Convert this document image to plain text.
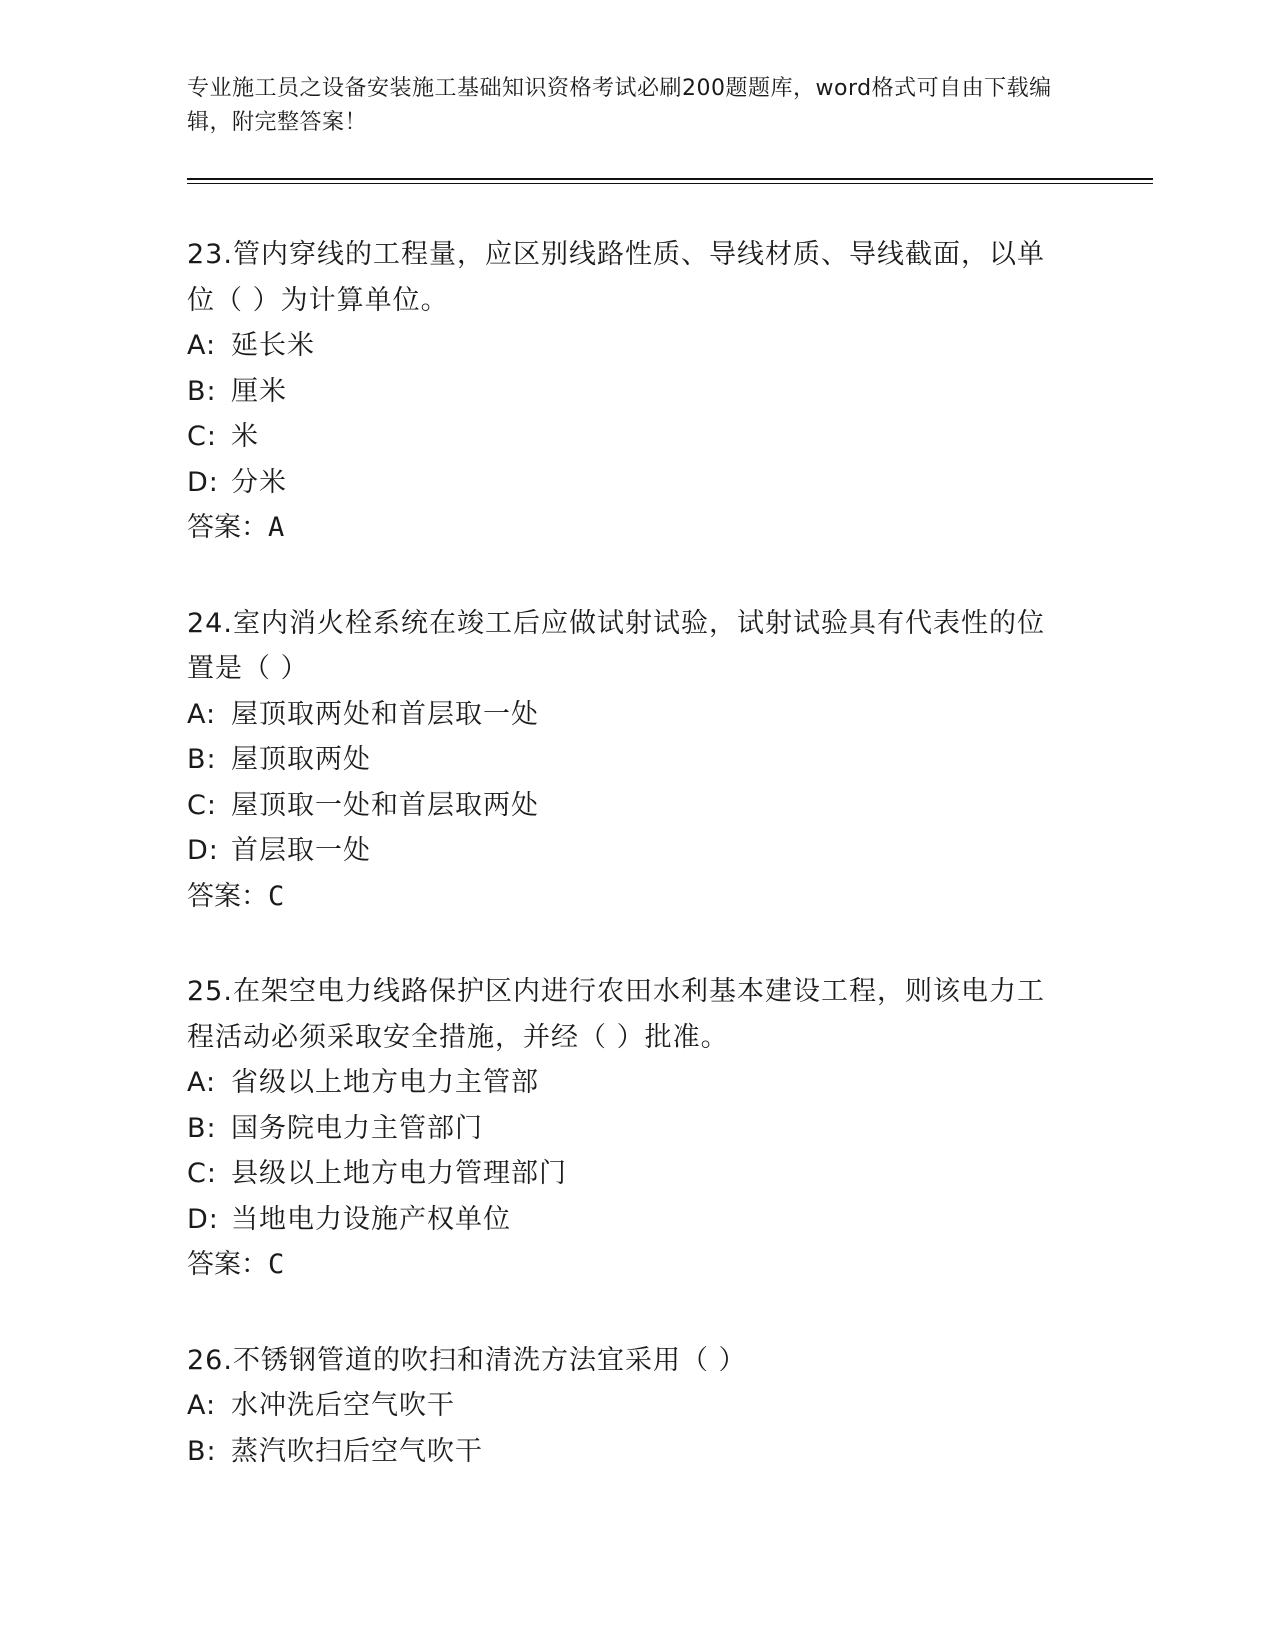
专业施工员之设备安装施工基础知识资格考试必刷200题题库，word格式可自由下载编辑，附完整答案！
23.管内穿线的工程量，应区别线路性质、导线材质、导线截面，以单位（ ）为计算单位。
A: 延长米
B: 厘米
C: 米
D: 分米
答案：A
24.室内消火栓系统在竣工后应做试射试验，试射试验具有代表性的位置是（ ）
A: 屋顶取两处和首层取一处
B: 屋顶取两处
C: 屋顶取一处和首层取两处
D: 首层取一处
答案：C
25.在架空电力线路保护区内进行农田水利基本建设工程，则该电力工程活动必须采取安全措施，并经（ ）批准。
A: 省级以上地方电力主管部
B: 国务院电力主管部门
C: 县级以上地方电力管理部门
D: 当地电力设施产权单位
答案：C
26.不锈钢管道的吹扫和清洗方法宜采用（ ）
A: 水冲洗后空气吹干
B: 蒸汽吹扫后空气吹干
